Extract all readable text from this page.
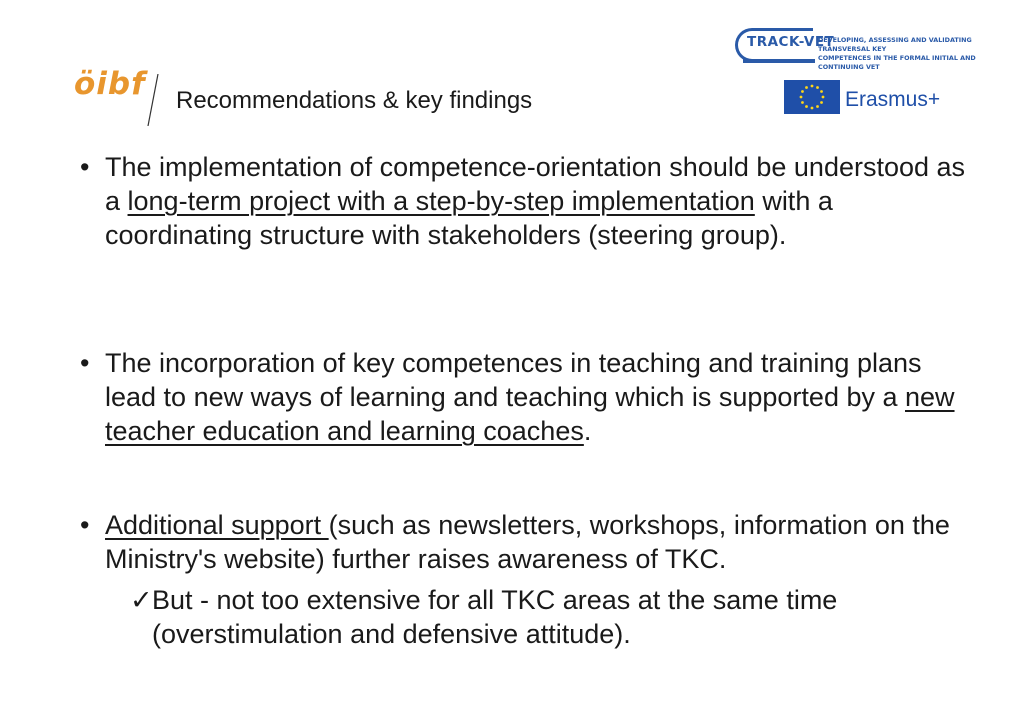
öibf Recommendations & key findings
TRACK-VET
DEVELOPING, ASSESSING AND VALIDATING TRANSVERSAL KEY
COMPETENCES IN THE FORMAL INITIAL AND CONTINUING VET
Erasmus+
• The implementation of competence-orientation should be understood as a long-term project with a step-by-step implementation with a coordinating structure with stakeholders (steering group).
• The incorporation of key competences in teaching and training plans lead to new ways of learning and teaching which is supported by a new teacher education and learning coaches.
• Additional support (such as newsletters, workshops, information on the Ministry's website) further raises awareness of TKC.
✓ But - not too extensive for all TKC areas at the same time (overstimulation and defensive attitude).
